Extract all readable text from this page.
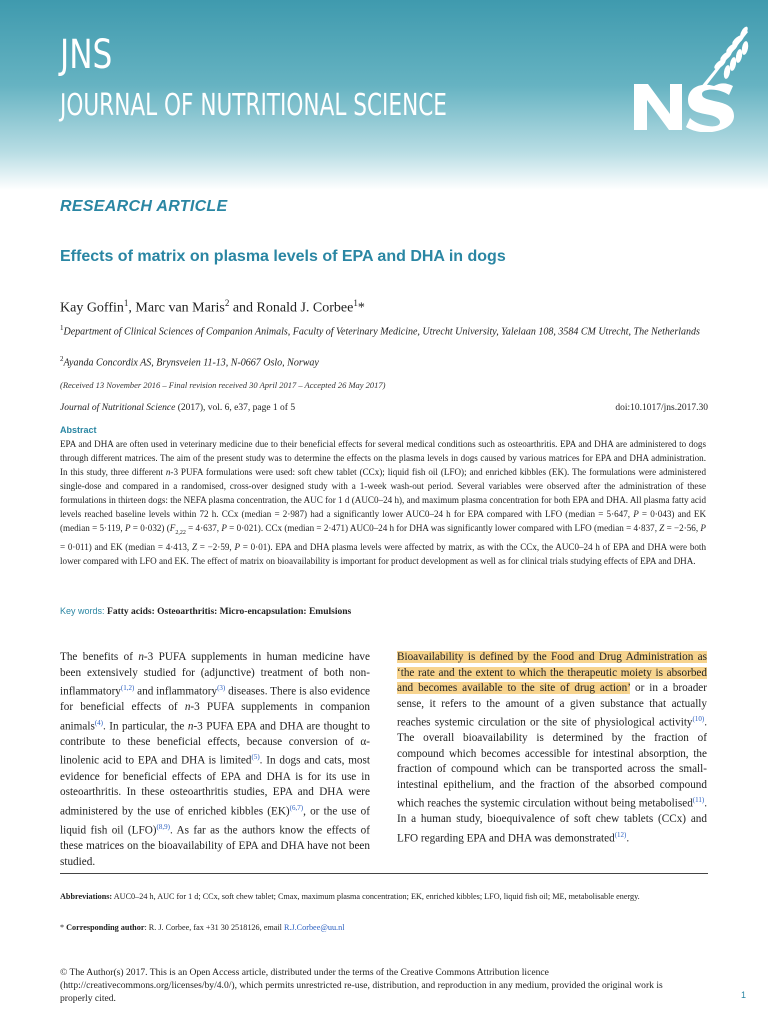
JNS
JOURNAL OF NUTRITIONAL SCIENCE
RESEARCH ARTICLE
Effects of matrix on plasma levels of EPA and DHA in dogs
Kay Goffin$^1$, Marc van Maris$^2$ and Ronald J. Corbee$^1$*
$^1$Department of Clinical Sciences of Companion Animals, Faculty of Veterinary Medicine, Utrecht University, Yalelaan 108, 3584 CM Utrecht, The Netherlands
$^2$Ayanda Concordix AS, Brynsveien 11-13, N-0667 Oslo, Norway
(Received 13 November 2016 – Final revision received 30 April 2017 – Accepted 26 May 2017)
Journal of Nutritional Science (2017), vol. 6, e37, page 1 of 5	doi:10.1017/jns.2017.30
Abstract
EPA and DHA are often used in veterinary medicine due to their beneficial effects for several medical conditions such as osteoarthritis. EPA and DHA are administered to dogs through different matrices. The aim of the present study was to determine the effects on the plasma levels in dogs caused by various matrices for EPA and DHA administration. In this study, three different n-3 PUFA formulations were used: soft chew tablet (CCx); liquid fish oil (LFO); and enriched kibbles (EK). The formulations were administered single-dose and compared in a randomised, cross-over designed study with a 1-week wash-out period. Several variables were observed after the administration of these formulations in thirteen dogs: the NEFA plasma concentration, the AUC for 1 d (AUC0–24 h), and maximum plasma concentration for both EPA and DHA. All plasma fatty acid levels reached baseline levels within 72 h. CCx (median = 2·987) had a significantly lower AUC0–24 h for EPA compared with LFO (median = 5·647, P = 0·043) and EK (median = 5·119, P = 0·032) ($F_{2,22} = 4\cdot 637$, P = 0·021). CCx (median = 2·471) AUC0–24 h for DHA was significantly lower compared with LFO (median = 4·837, Z = −2·56, P = 0·011) and EK (median = 4·413, Z = −2·59, P = 0·01). EPA and DHA plasma levels were affected by matrix, as with the CCx, the AUC0–24 h of EPA and DHA were both lower compared with LFO and EK. The effect of matrix on bioavailability is important for product development as well as for clinical trials studying effects of EPA and DHA.
Key words: Fatty acids: Osteoarthritis: Micro-encapsulation: Emulsions
The benefits of n-3 PUFA supplements in human medicine have been extensively studied for (adjunctive) treatment of both non-inflammatory$^{(1,2)}$ and inflammatory$^{(3)}$ diseases. There is also evidence for beneficial effects of n-3 PUFA supplements in companion animals$^{(4)}$. In particular, the n-3 PUFA EPA and DHA are thought to contribute to these beneficial effects, because conversion of α-linolenic acid to EPA and DHA is limited$^{(5)}$. In dogs and cats, most evidence for beneficial effects of EPA and DHA is for its use in osteoarthritis. In these osteoarthritis studies, EPA and DHA were administered by the use of enriched kibbles (EK)$^{(6,7)}$, or the use of liquid fish oil (LFO)$^{(8,9)}$. As far as the authors know the effects of these matrices on the bioavailability of EPA and DHA have not been studied.
Bioavailability is defined by the Food and Drug Administration as ‘the rate and the extent to which the therapeutic moiety is absorbed and becomes available to the site of drug action’ or in a broader sense, it refers to the amount of a given substance that actually reaches systemic circulation or the site of physiological activity$^{(10)}$. The overall bioavailability is determined by the fraction of compound which becomes accessible for intestinal absorption, the fraction of compound which can be transported across the small-intestinal epithelium, and the fraction of the absorbed compound which reaches the systemic circulation without being metabolised$^{(11)}$. In a human study, bioequivalence of soft chew tablets (CCx) and LFO regarding EPA and DHA was demonstrated$^{(12)}$.
Abbreviations: AUC0–24 h, AUC for 1 d; CCx, soft chew tablet; Cmax, maximum plasma concentration; EK, enriched kibbles; LFO, liquid fish oil; ME, metabolisable energy.
* Corresponding author: R. J. Corbee, fax +31 30 2518126, email R.J.Corbee@uu.nl
© The Author(s) 2017. This is an Open Access article, distributed under the terms of the Creative Commons Attribution licence (http://creativecommons.org/licenses/by/4.0/), which permits unrestricted re-use, distribution, and reproduction in any medium, provided the original work is properly cited.	1
